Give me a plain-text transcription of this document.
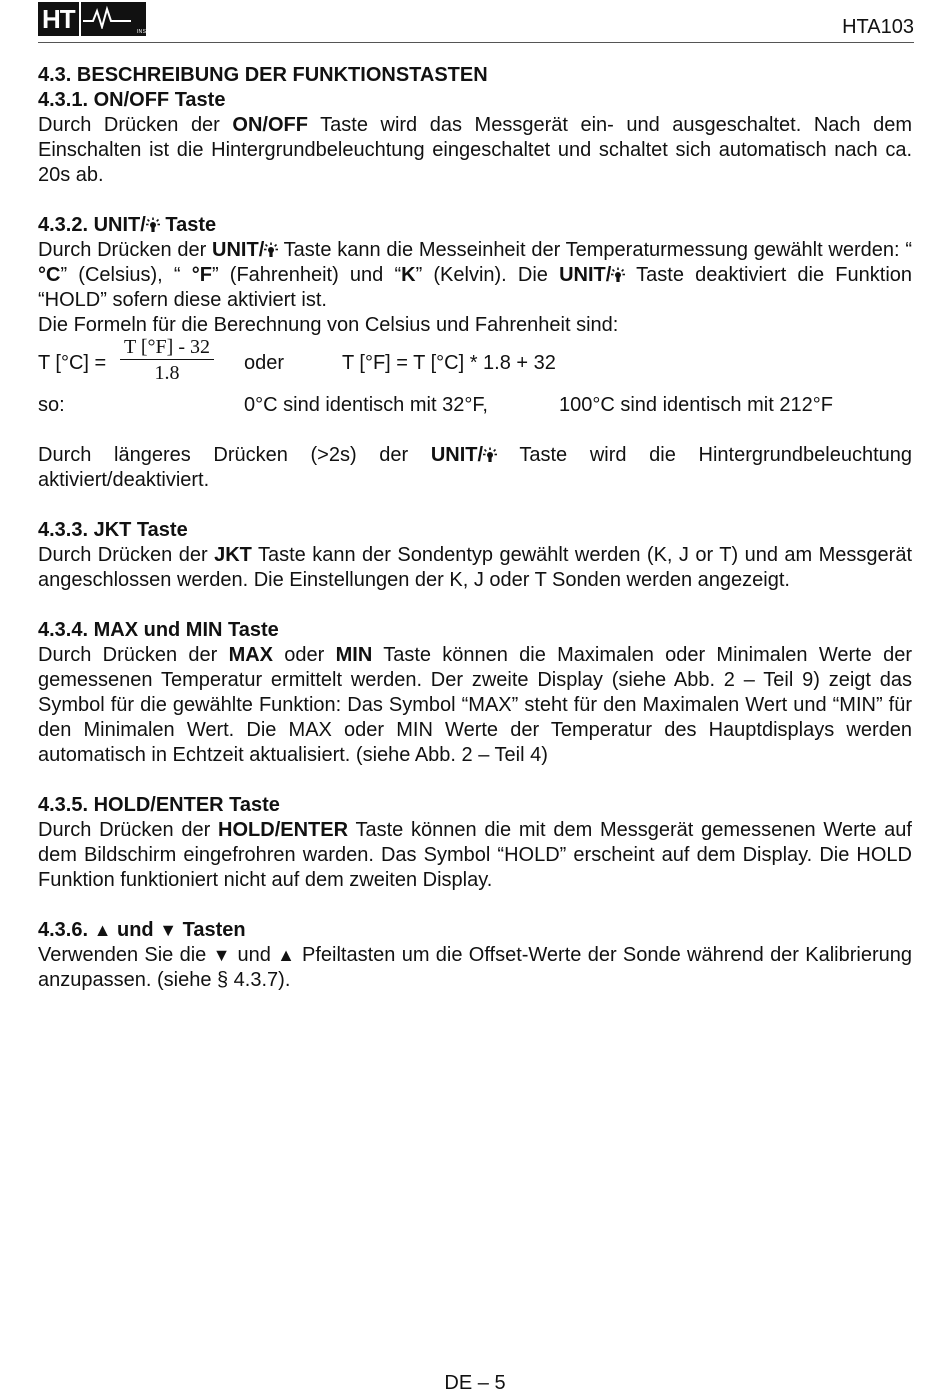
HT	INSTRUMENTS	HTA103

4.3. BESCHREIBUNG DER FUNKTIONSTASTEN

4.3.1. ON/OFF Taste

Durch Drücken der ON/OFF Taste wird das Messgerät ein- und ausgeschaltet. Nach dem Einschalten ist die Hintergrundbeleuchtung eingeschaltet und schaltet sich automatisch nach ca. 20s ab.

4.3.2. UNIT/ Taste

Durch Drücken der UNIT/ Taste kann die Messeinheit der Temperaturmessung gewählt werden: “ °C” (Celsius), “ °F” (Fahrenheit) und “K” (Kelvin). Die UNIT/ Taste deaktiviert die Funktion “HOLD” sofern diese aktiviert ist.

Die Formeln für die Berechnung von Celsius und Fahrenheit sind:

T $[^\circ C] = \frac{T [^\circ F] - 32}{1.8}$ oder	T [°F] = T [°C] * 1.8 + 32
so:	0°C sind identisch mit 32°F,	100°C sind identisch mit 212°F

Durch längeres Drücken (>2s) der UNIT/ Taste wird die Hintergrundbeleuchtung aktiviert/deaktiviert.

4.3.3. JKT Taste

Durch Drücken der JKT Taste kann der Sondentyp gewählt werden (K, J or T) und am Messgerät angeschlossen werden. Die Einstellungen der K, J oder T Sonden werden angezeigt.

4.3.4. MAX und MIN Taste

Durch Drücken der MAX oder MIN Taste können die Maximalen oder Minimalen Werte der gemessenen Temperatur ermittelt werden. Der zweite Display (siehe Abb. 2 – Teil 9) zeigt das Symbol für die gewählte Funktion: Das Symbol “MAX” steht für den Maximalen Wert und “MIN” für den Minimalen Wert. Die MAX oder MIN Werte der Temperatur des Hauptdisplays werden automatisch in Echtzeit aktualisiert. (siehe Abb. 2 – Teil 4)

4.3.5. HOLD/ENTER Taste

Durch Drücken der HOLD/ENTER Taste können die mit dem Messgerät gemessenen Werte auf dem Bildschirm eingefrohren warden. Das Symbol “HOLD” erscheint auf dem Display. Die HOLD Funktion funktioniert nicht auf dem zweiten Display.

4.3.6. ▲ und ▼ Tasten

Verwenden Sie die ▼ und ▲ Pfeiltasten um die Offset-Werte der Sonde während der Kalibrierung anzupassen. (siehe § 4.3.7).

DE – 5
